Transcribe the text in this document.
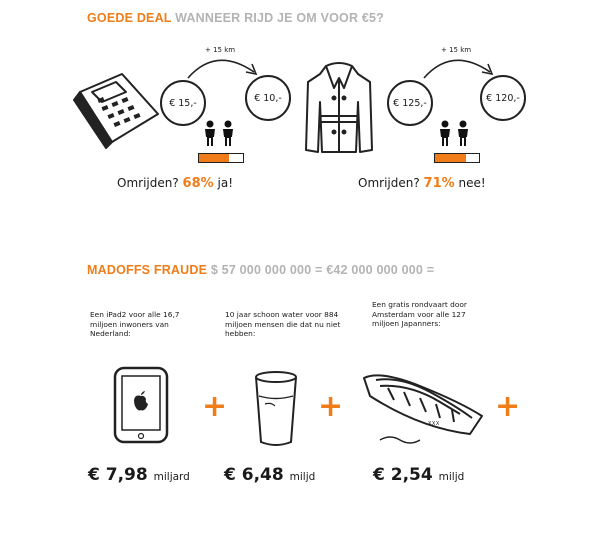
GOEDE DEAL WANNEER RIJD JE OM VOOR €5?
€ 15,-
+ 15 km
€ 10,-
Omrijden? 68% ja!
€ 125,-
+ 15 km
€ 120,-
Omrijden? 71% nee!
MADOFFS FRAUDE $ 57 000 000 000 = €42 000 000 000 =
Een iPad2 voor alle 16,7 miljoen inwoners van Nederland:
10 jaar schoon water voor 884 miljoen mensen die dat nu niet hebben:
Een gratis rondvaart door Amsterdam voor alle 127 miljoen Japanners:
+	+	XXX +
€ 7,98 miljard € 6,48 miljd	€ 2,54 miljd
